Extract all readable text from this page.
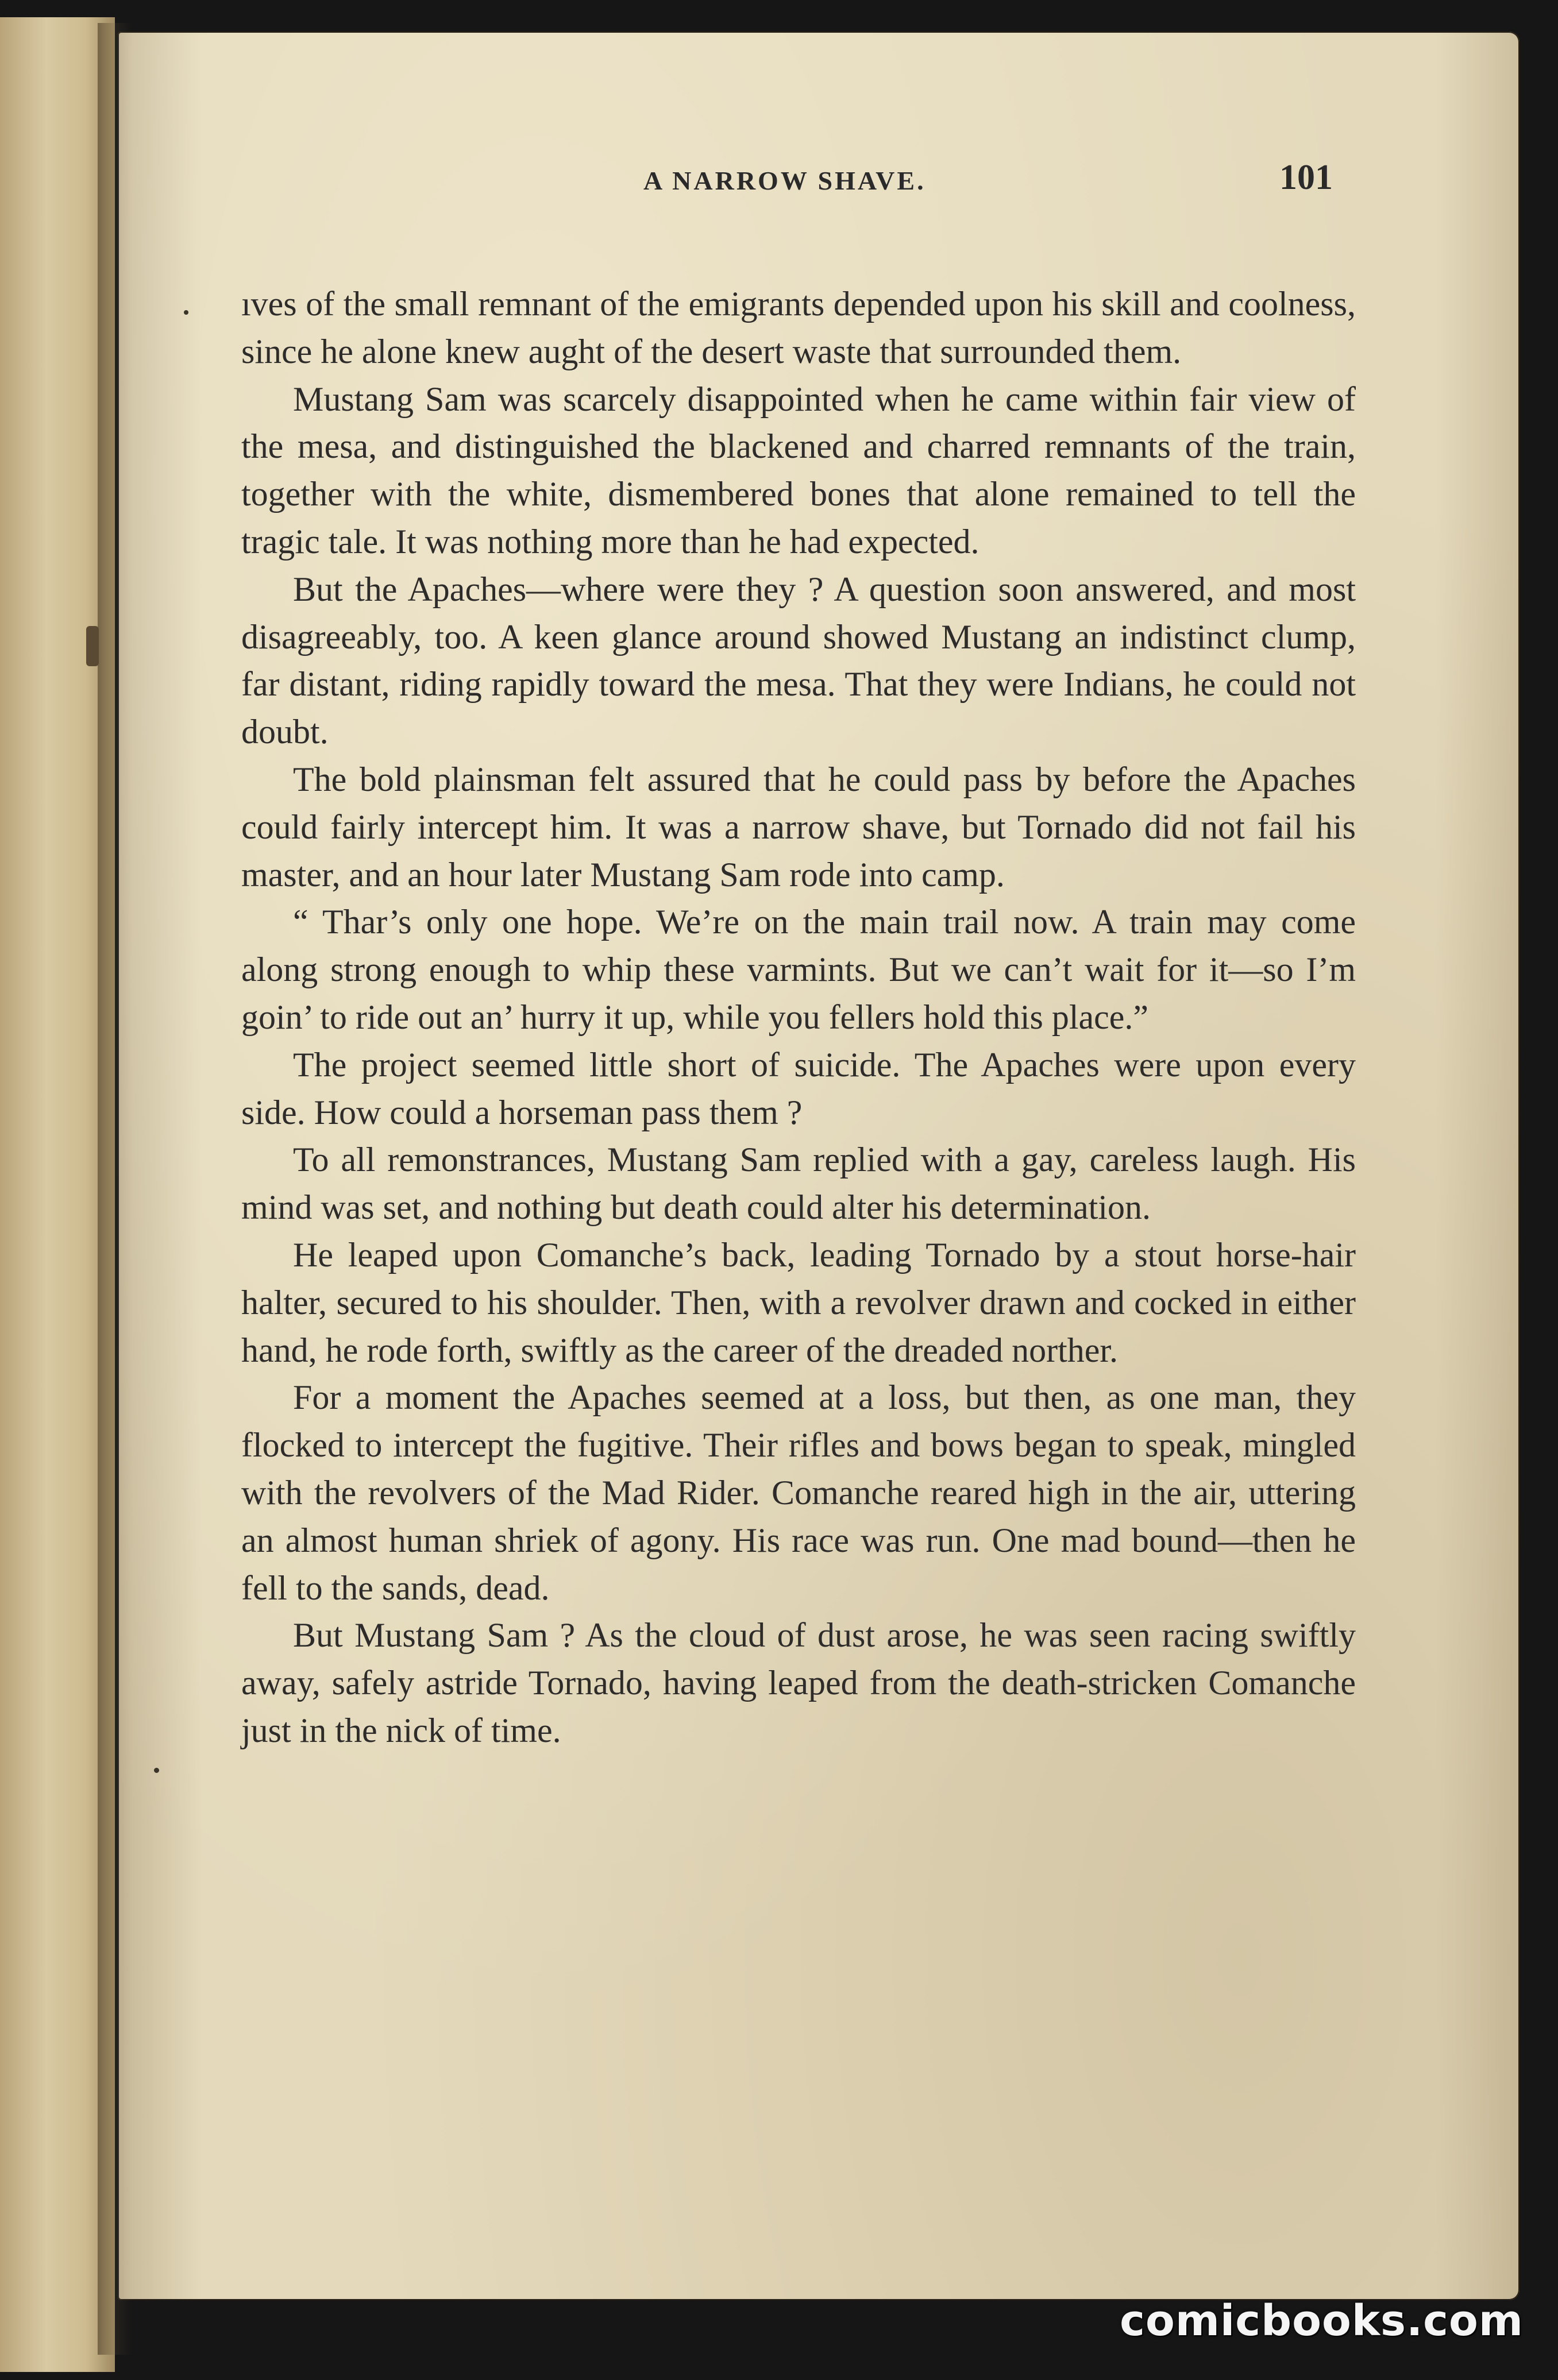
A NARROW SHAVE.	101

ıves of the small remnant of the emigrants depended upon his skill and coolness, since he alone knew aught of the desert waste that surrounded them.

Mustang Sam was scarcely disappointed when he came within fair view of the mesa, and distinguished the blackened and charred remnants of the train, together with the white, dismembered bones that alone remained to tell the tragic tale. It was nothing more than he had expected.

But the Apaches—where were they ? A question soon answered, and most disagreeably, too. A keen glance around showed Mustang an indistinct clump, far distant, riding rapidly toward the mesa. That they were Indians, he could not doubt.

The bold plainsman felt assured that he could pass by before the Apaches could fairly intercept him. It was a narrow shave, but Tornado did not fail his master, and an hour later Mustang Sam rode into camp.

“ Thar’s only one hope. We’re on the main trail now. A train may come along strong enough to whip these varmints. But we can’t wait for it—so I’m goin’ to ride out an’ hurry it up, while you fellers hold this place.”

The project seemed little short of suicide. The Apaches were upon every side. How could a horseman pass them ?

To all remonstrances, Mustang Sam replied with a gay, careless laugh. His mind was set, and nothing but death could alter his determination.

He leaped upon Comanche’s back, leading Tornado by a stout horse-hair halter, secured to his shoulder. Then, with a revolver drawn and cocked in either hand, he rode forth, swiftly as the career of the dreaded norther.

For a moment the Apaches seemed at a loss, but then, as one man, they flocked to intercept the fugitive. Their rifles and bows began to speak, mingled with the revolvers of the Mad Rider. Comanche reared high in the air, uttering an almost human shriek of agony. His race was run. One mad bound—then he fell to the sands, dead.

But Mustang Sam ? As the cloud of dust arose, he was seen racing swiftly away, safely astride Tornado, having leaped from the death-stricken Comanche just in the nick of time.

comicbooks.com
